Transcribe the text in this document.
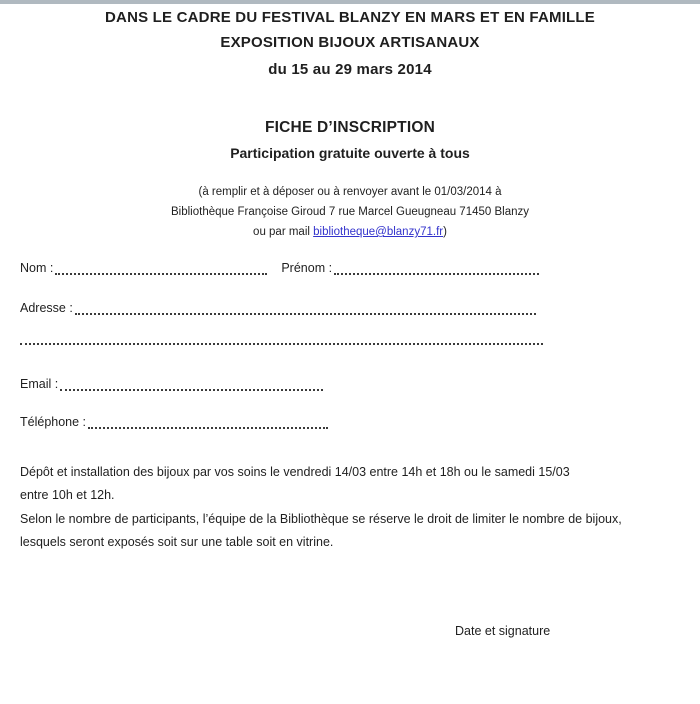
DANS LE CADRE DU FESTIVAL BLANZY EN MARS ET EN FAMILLE
EXPOSITION BIJOUX ARTISANAUX
du 15 au 29 mars 2014
FICHE D’INSCRIPTION
Participation gratuite ouverte à tous
(à remplir et à déposer ou à renvoyer avant le 01/03/2014 à
Bibliothèque Françoise Giroud 7 rue Marcel Gueugneau 71450 Blanzy
ou par mail bibliotheque@blanzy71.fr)
Nom :	Prénom :
Adresse :
Email :
Téléphone :
Dépôt et installation des bijoux par vos soins le vendredi 14/03 entre 14h et 18h ou le samedi 15/03
entre 10h et 12h.
Selon le nombre de participants, l’équipe de la Bibliothèque se réserve le droit de limiter le nombre de bijoux,
lesquels seront exposés soit sur une table soit en vitrine.
Date et signature
